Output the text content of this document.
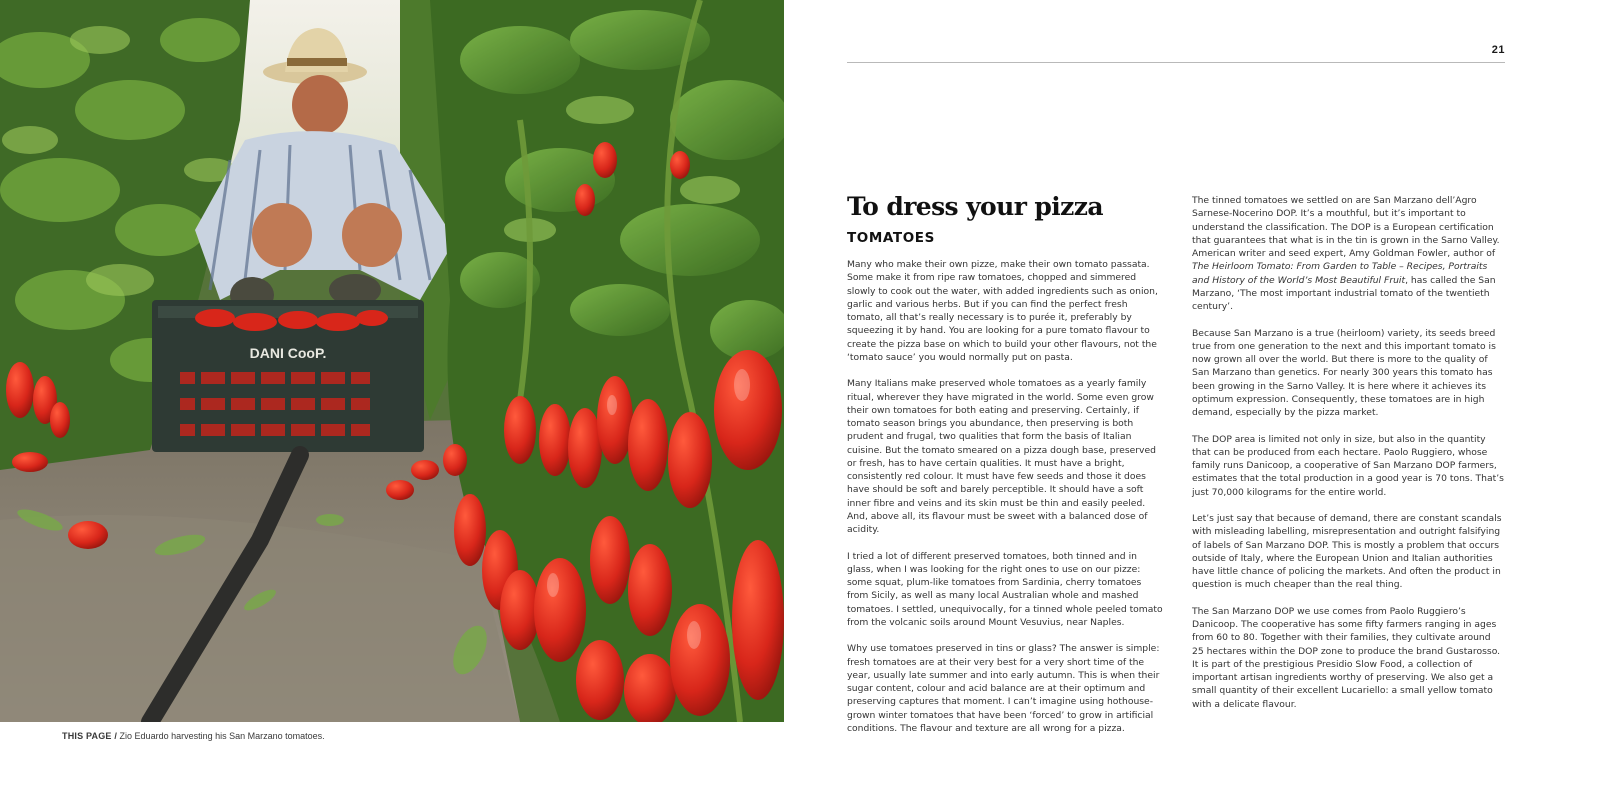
DANI CooP.
THIS PAGE / Zio Eduardo harvesting his San Marzano tomatoes.
21
To dress your pizza
TOMATOES

Many who make their own pizze, make their own tomato passata. Some make it from ripe raw tomatoes, chopped and simmered slowly to cook out the water, with added ingredients such as onion, garlic and various herbs. But if you can find the perfect fresh tomato, all that’s really necessary is to purée it, preferably by squeezing it by hand. You are looking for a pure tomato flavour to create the pizza base on which to build your other flavours, not the ‘tomato sauce’ you would normally put on pasta.

Many Italians make preserved whole tomatoes as a yearly family ritual, wherever they have migrated in the world. Some even grow their own tomatoes for both eating and preserving. Certainly, if tomato season brings you abundance, then preserving is both prudent and frugal, two qualities that form the basis of Italian cuisine. But the tomato smeared on a pizza dough base, preserved or fresh, has to have certain qualities. It must have a bright, consistently red colour. It must have few seeds and those it does have should be soft and barely perceptible. It should have a soft inner fibre and veins and its skin must be thin and easily peeled. And, above all, its flavour must be sweet with a balanced dose of acidity.

I tried a lot of different preserved tomatoes, both tinned and in glass, when I was looking for the right ones to use on our pizze: some squat, plum-like tomatoes from Sardinia, cherry tomatoes from Sicily, as well as many local Australian whole and mashed tomatoes. I settled, unequivocally, for a tinned whole peeled tomato from the volcanic soils around Mount Vesuvius, near Naples.

Why use tomatoes preserved in tins or glass? The answer is simple: fresh tomatoes are at their very best for a very short time of the year, usually late summer and into early autumn. This is when their sugar content, colour and acid balance are at their optimum and preserving captures that moment. I can’t imagine using hothouse-grown winter tomatoes that have been ‘forced’ to grow in artificial conditions. The flavour and texture are all wrong for a pizza.

The tinned tomatoes we settled on are San Marzano dell’Agro Sarnese-Nocerino DOP. It’s a mouthful, but it’s important to understand the classification. The DOP is a European certification that guarantees that what is in the tin is grown in the Sarno Valley. American writer and seed expert, Amy Goldman Fowler, author of The Heirloom Tomato: From Garden to Table – Recipes, Portraits and History of the World’s Most Beautiful Fruit, has called the San Marzano, ‘The most important industrial tomato of the twentieth century’.

Because San Marzano is a true (heirloom) variety, its seeds breed true from one generation to the next and this important tomato is now grown all over the world. But there is more to the quality of San Marzano than genetics. For nearly 300 years this tomato has been growing in the Sarno Valley. It is here where it achieves its optimum expression. Consequently, these tomatoes are in high demand, especially by the pizza market.

The DOP area is limited not only in size, but also in the quantity that can be produced from each hectare. Paolo Ruggiero, whose family runs Danicoop, a cooperative of San Marzano DOP farmers, estimates that the total production in a good year is 70 tons. That’s just 70,000 kilograms for the entire world.

Let’s just say that because of demand, there are constant scandals with misleading labelling, misrepresentation and outright falsifying of labels of San Marzano DOP. This is mostly a problem that occurs outside of Italy, where the European Union and Italian authorities have little chance of policing the markets. And often the product in question is much cheaper than the real thing.

The San Marzano DOP we use comes from Paolo Ruggiero’s Danicoop. The cooperative has some fifty farmers ranging in ages from 60 to 80. Together with their families, they cultivate around 25 hectares within the DOP zone to produce the brand Gustarosso. It is part of the prestigious Presidio Slow Food, a collection of important artisan ingredients worthy of preserving. We also get a small quantity of their excellent Lucariello: a small yellow tomato with a delicate flavour.
